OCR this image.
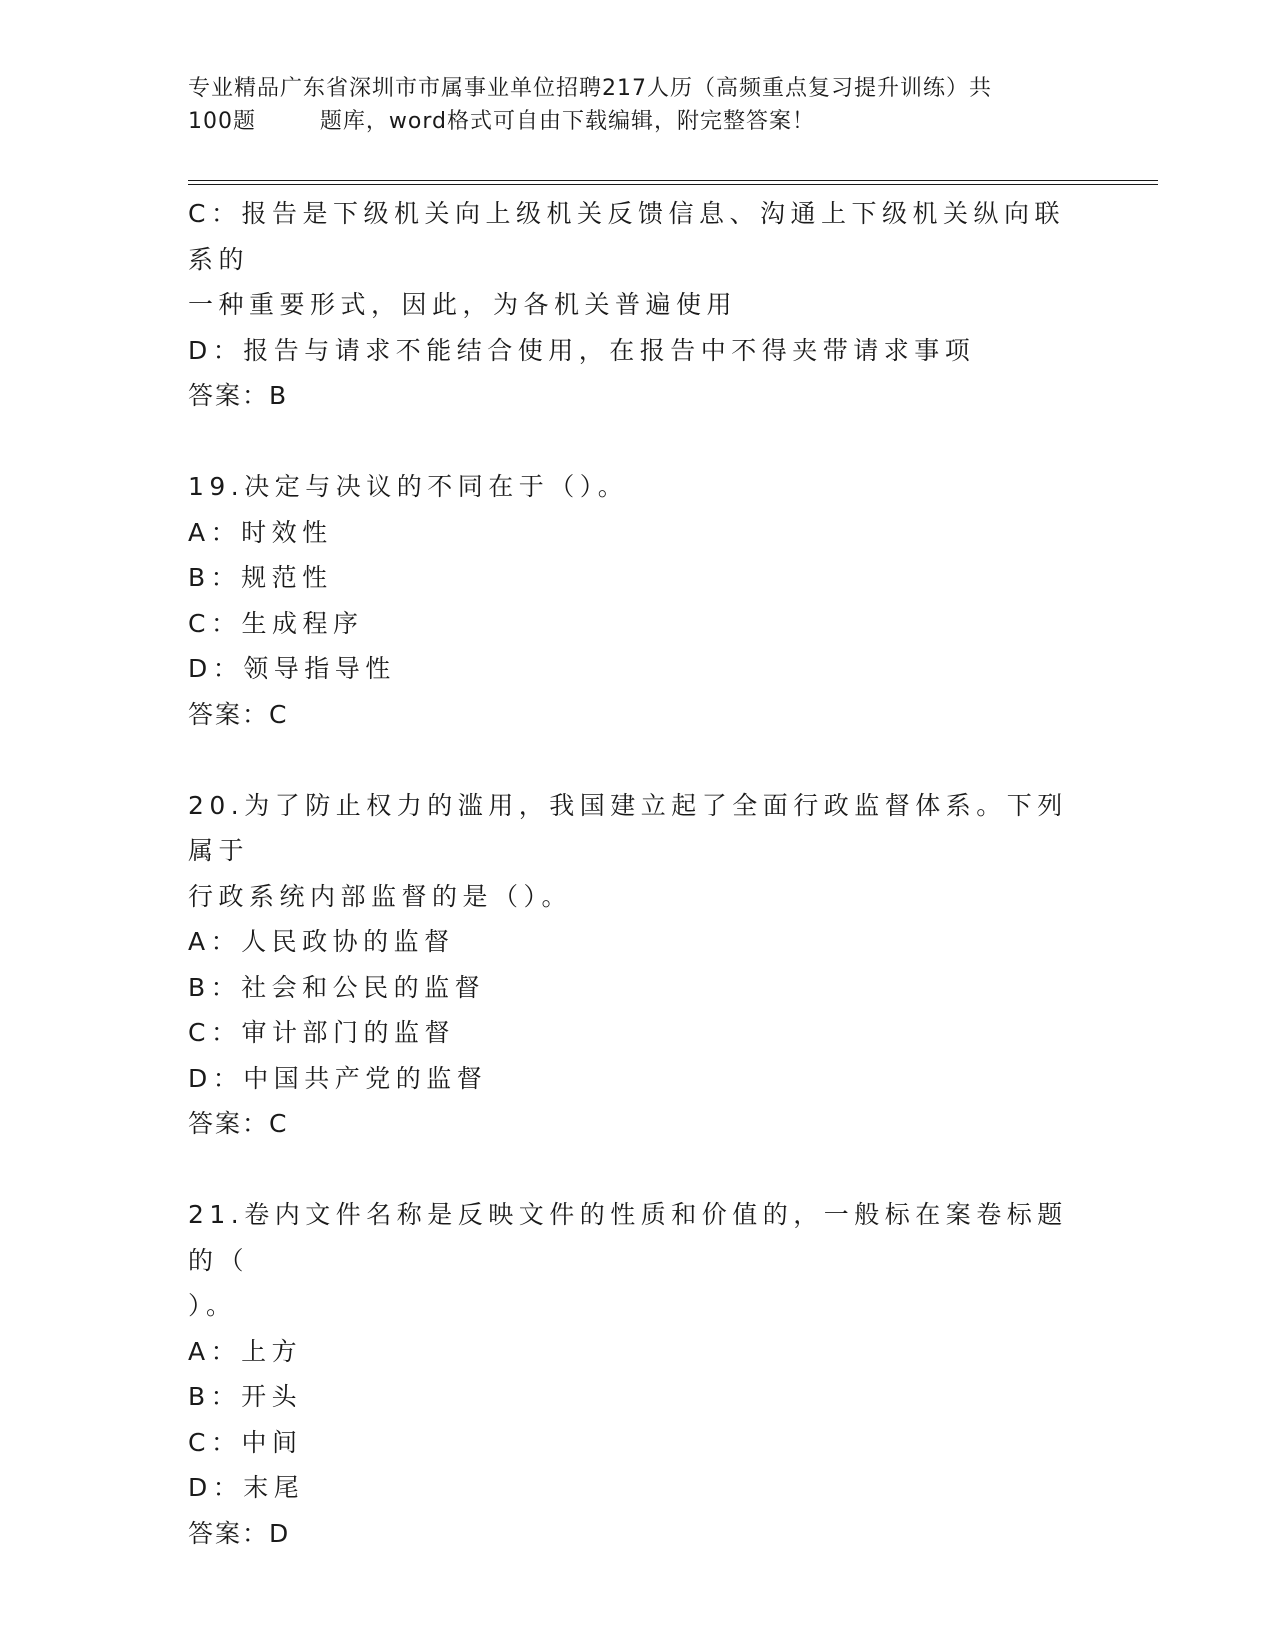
专业精品广东省深圳市市属事业单位招聘217人历（高频重点复习提升训练）共
100题        题库，word格式可自由下载编辑，附完整答案！

C：报告是下级机关向上级机关反馈信息、沟通上下级机关纵向联系的

一种重要形式，因此，为各机关普遍使用

D：报告与请求不能结合使用，在报告中不得夹带请求事项

答案：B

19.决定与决议的不同在于（）。

A：时效性

B：规范性

C：生成程序

D：领导指导性

答案：C

20.为了防止权力的滥用，我国建立起了全面行政监督体系。下列属于

行政系统内部监督的是（）。

A：人民政协的监督

B：社会和公民的监督

C：审计部门的监督

D：中国共产党的监督

答案：C

21.卷内文件名称是反映文件的性质和价值的，一般标在案卷标题的（

）。

A：上方

B：开头

C：中间

D：末尾

答案：D
